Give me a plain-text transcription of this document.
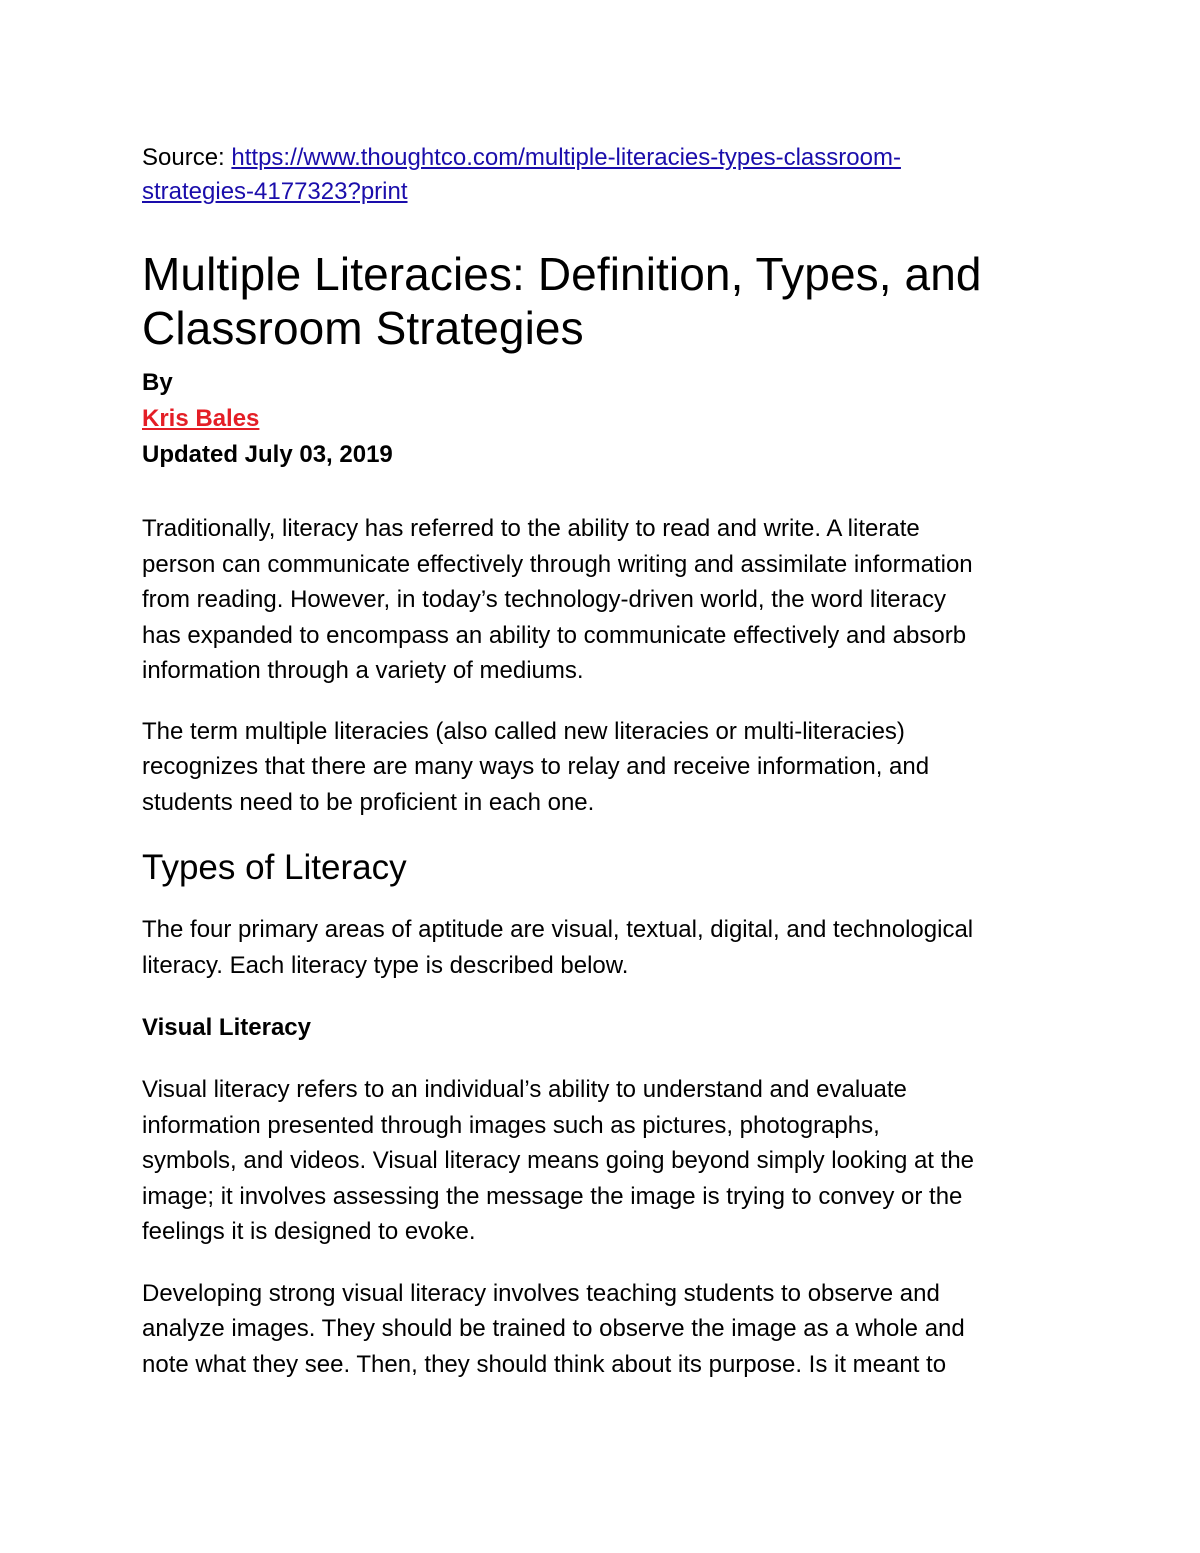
Source: https://www.thoughtco.com/multiple-literacies-types-classroom-
strategies-4177323?print

Multiple Literacies: Definition, Types, and
Classroom Strategies
By
Kris Bales
Updated July 03, 2019

Traditionally, literacy has referred to the ability to read and write. A literate
person can communicate effectively through writing and assimilate information
from reading. However, in today’s technology-driven world, the word literacy
has expanded to encompass an ability to communicate effectively and absorb
information through a variety of mediums.

The term multiple literacies (also called new literacies or multi-literacies)
recognizes that there are many ways to relay and receive information, and
students need to be proficient in each one.

Types of Literacy

The four primary areas of aptitude are visual, textual, digital, and technological
literacy. Each literacy type is described below.

Visual Literacy

Visual literacy refers to an individual’s ability to understand and evaluate
information presented through images such as pictures, photographs,
symbols, and videos. Visual literacy means going beyond simply looking at the
image; it involves assessing the message the image is trying to convey or the
feelings it is designed to evoke.

Developing strong visual literacy involves teaching students to observe and
analyze images. They should be trained to observe the image as a whole and
note what they see. Then, they should think about its purpose. Is it meant to
